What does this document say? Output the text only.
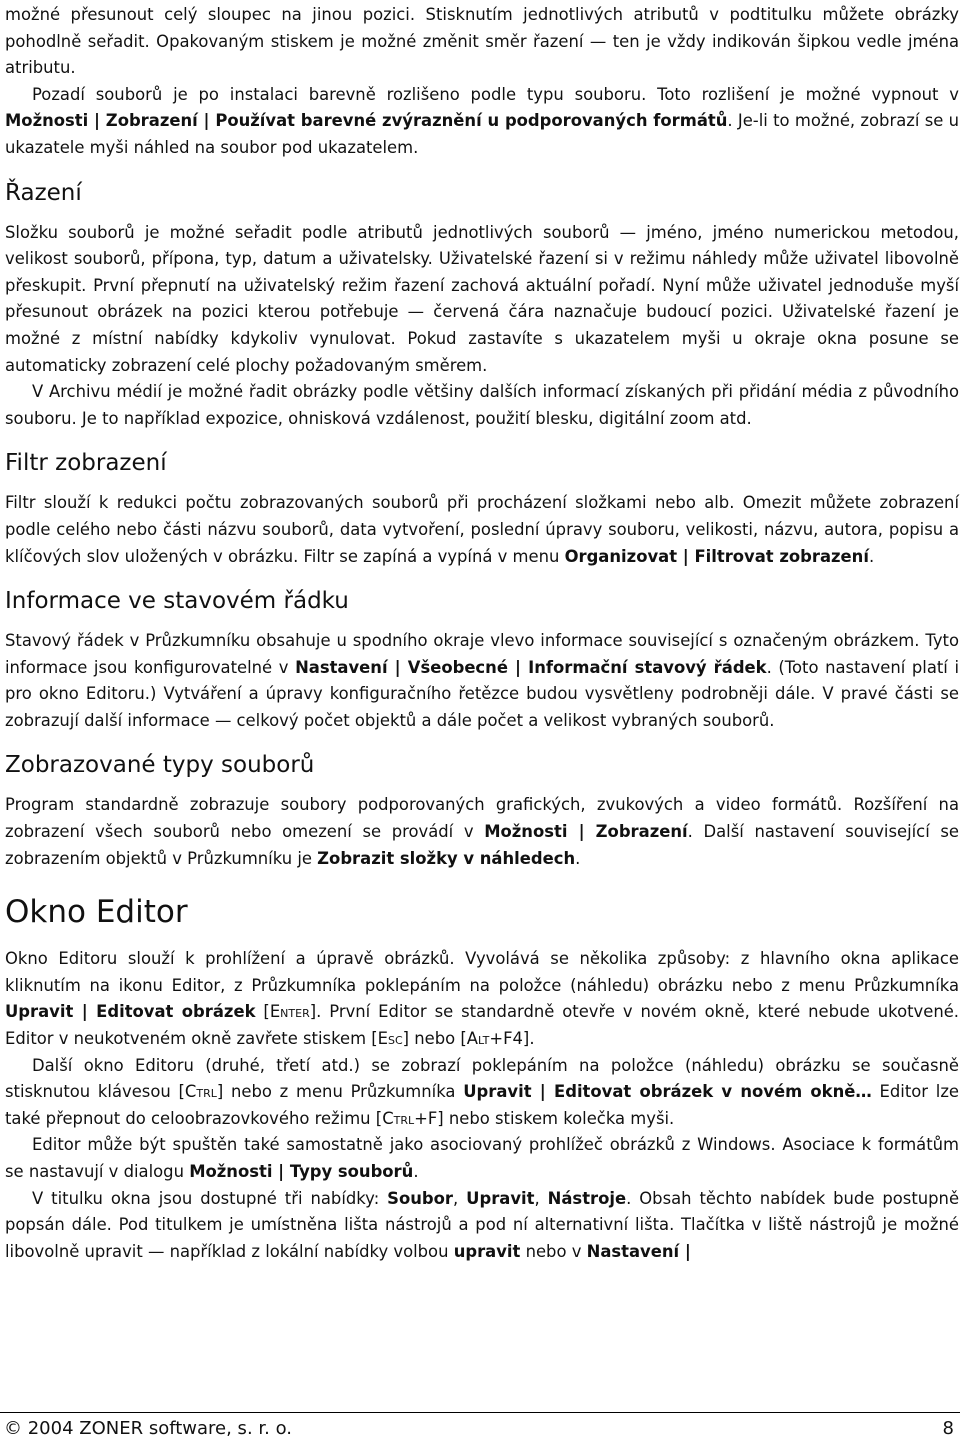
možné přesunout celý sloupec na jinou pozici. Stisknutím jednotlivých atributů v podtitulku můžete obrázky pohodlně seřadit. Opakovaným stiskem je možné změnit směr řazení — ten je vždy indikován šipkou vedle jména atributu.

Pozadí souborů je po instalaci barevně rozlišeno podle typu souboru. Toto rozlišení je možné vypnout v Možnosti | Zobrazení | Používat barevné zvýraznění u podporovaných formátů. Je-li to možné, zobrazí se u ukazatele myši náhled na soubor pod ukazatelem.

Řazení

Složku souborů je možné seřadit podle atributů jednotlivých souborů — jméno, jméno numerickou metodou, velikost souborů, přípona, typ, datum a uživatelsky. Uživatelské řazení si v režimu náhledy může uživatel libovolně přeskupit. První přepnutí na uživatelský režim řazení zachová aktuální pořadí. Nyní může uživatel jednoduše myší přesunout obrázek na pozici kterou potřebuje — červená čára naznačuje budoucí pozici. Uživatelské řazení je možné z místní nabídky kdykoliv vynulovat. Pokud zastavíte s ukazatelem myši u okraje okna posune se automaticky zobrazení celé plochy požadovaným směrem.

V Archivu médií je možné řadit obrázky podle většiny dalších informací získaných při přidání média z původního souboru. Je to například expozice, ohnisková vzdálenost, použití blesku, digitální zoom atd.

Filtr zobrazení

Filtr slouží k redukci počtu zobrazovaných souborů při procházení složkami nebo alb. Omezit můžete zobrazení podle celého nebo části názvu souborů, data vytvoření, poslední úpravy souboru, velikosti, názvu, autora, popisu a klíčových slov uložených v obrázku. Filtr se zapíná a vypíná v menu Organizovat | Filtrovat zobrazení.

Informace ve stavovém řádku

Stavový řádek v Průzkumníku obsahuje u spodního okraje vlevo informace související s označeným obrázkem. Tyto informace jsou konfigurovatelné v Nastavení | Všeobecné | Informační stavový řádek. (Toto nastavení platí i pro okno Editoru.) Vytváření a úpravy konfiguračního řetězce budou vysvětleny podrobněji dále. V pravé části se zobrazují další informace — celkový počet objektů a dále počet a velikost vybraných souborů.

Zobrazované typy souborů

Program standardně zobrazuje soubory podporovaných grafických, zvukových a video formátů. Rozšíření na zobrazení všech souborů nebo omezení se provádí v Možnosti | Zobrazení. Další nastavení související se zobrazením objektů v Průzkumníku je Zobrazit složky v náhledech.

Okno Editor

Okno Editoru slouží k prohlížení a úpravě obrázků. Vyvolává se několika způsoby: z hlavního okna aplikace kliknutím na ikonu Editor, z Průzkumníka poklepáním na položce (náhledu) obrázku nebo z menu Průzkumníka Upravit | Editovat obrázek [Enter]. První Editor se standardně otevře v novém okně, které nebude ukotvené. Editor v neukotveném okně zavřete stiskem [Esc] nebo [Alt+F4].

Další okno Editoru (druhé, třetí atd.) se zobrazí poklepáním na položce (náhledu) obrázku se současně stisknutou klávesou [Ctrl] nebo z menu Průzkumníka Upravit | Editovat obrázek v novém okně… Editor lze také přepnout do celoobrazovkového režimu [Ctrl+F] nebo stiskem kolečka myši.

Editor může být spuštěn také samostatně jako asociovaný prohlížeč obrázků z Windows. Asociace k formátům se nastavují v dialogu Možnosti | Typy souborů.

V titulku okna jsou dostupné tři nabídky: Soubor, Upravit, Nástroje. Obsah těchto nabídek bude postupně popsán dále. Pod titulkem je umístněna lišta nástrojů a pod ní alternativní lišta. Tlačítka v liště nástrojů je možné libovolně upravit — například z lokální nabídky volbou upravit nebo v Nastavení |

© 2004 ZONER software, s. r. o.	8
